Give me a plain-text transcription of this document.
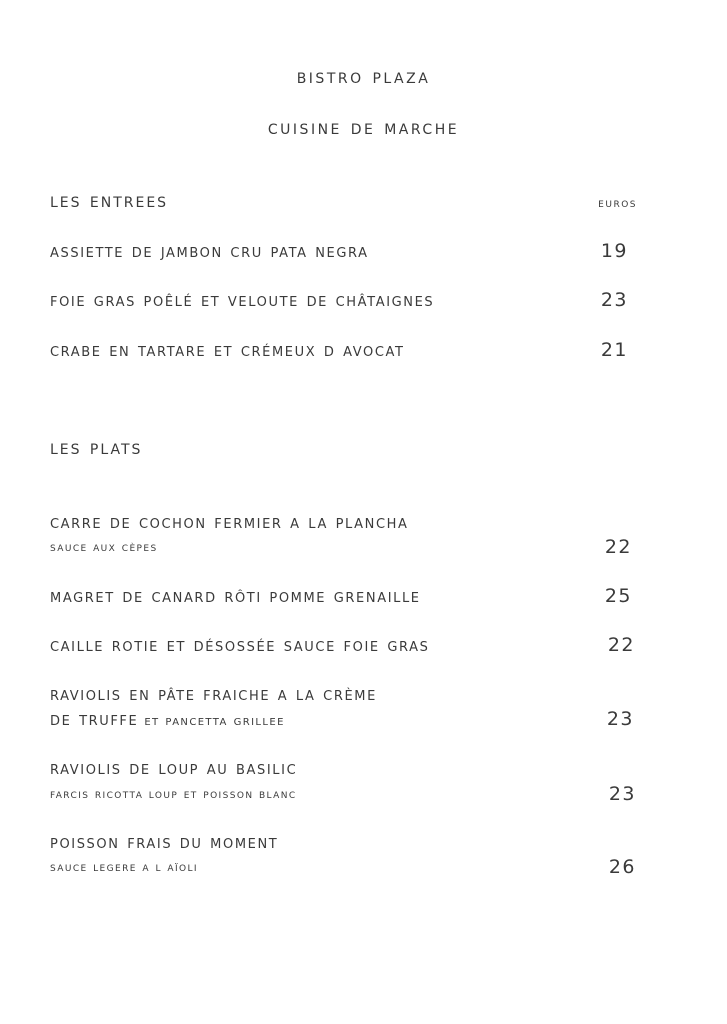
bistro plaza
cuisine de marche
les entrees	euros
assiette de jambon cru pata negra	19
foie gras poêlé et veloute de châtaignes	23
crabe en tartare et crémeux d avocat	21
les plats
carre de cochon fermier a la plancha
sauce aux cèpes	22
magret de canard rôti pomme grenaille	25
caille rotie et désossée sauce foie gras	22
raviolis en pâte fraiche a la crème
de truffe et pancetta grillee	23
raviolis de loup au basilic
farcis ricotta loup et poisson blanc	23
poisson frais du moment
sauce legere a l aïoli	26
